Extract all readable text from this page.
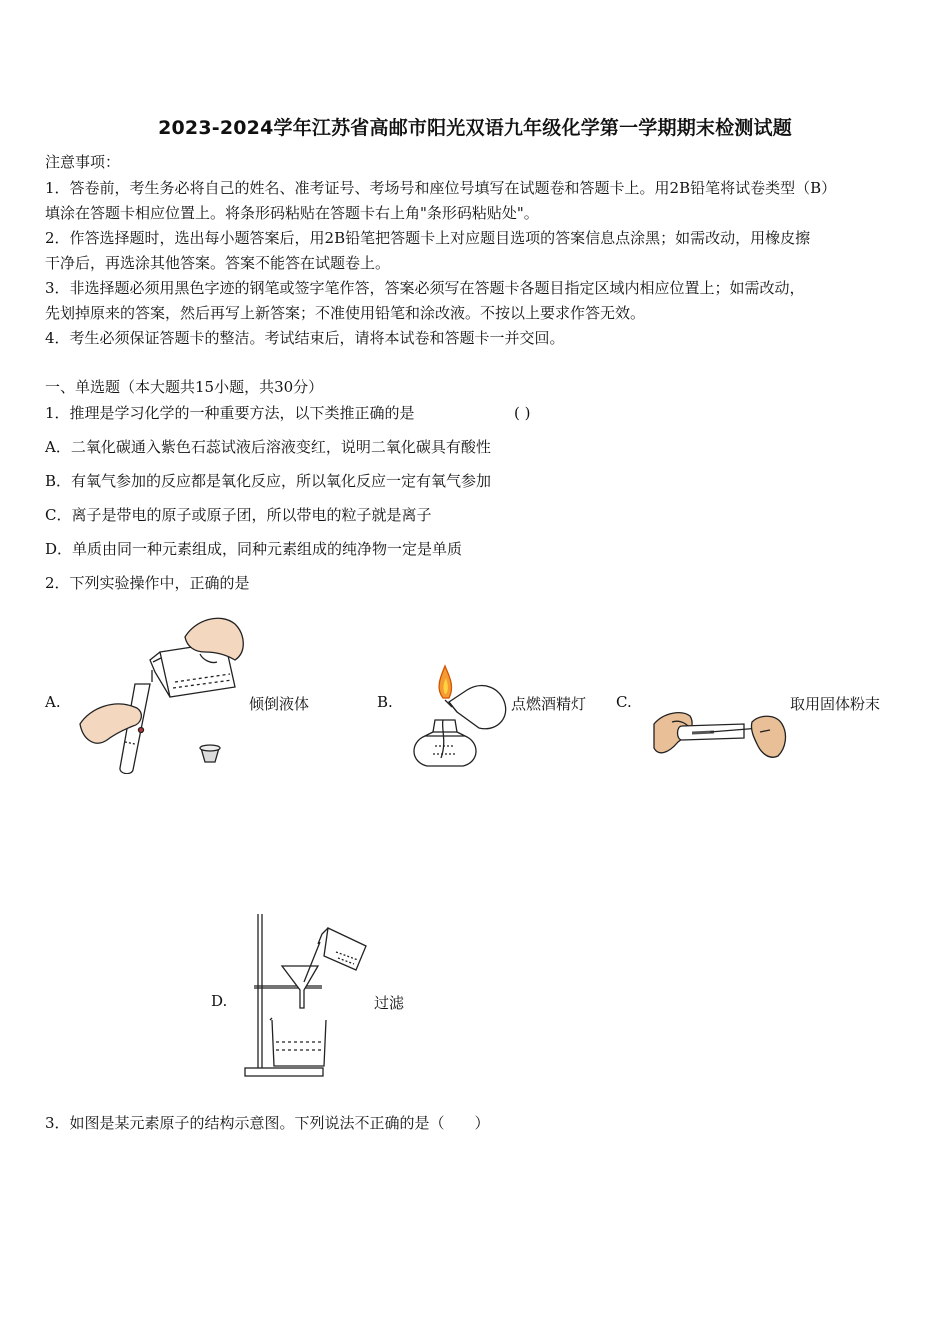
2023-2024学年江苏省高邮市阳光双语九年级化学第一学期期末检测试题
注意事项：
1．答卷前，考生务必将自己的姓名、准考证号、考场号和座位号填写在试题卷和答题卡上。用2B铅笔将试卷类型（B）
填涂在答题卡相应位置上。将条形码粘贴在答题卡右上角"条形码粘贴处"。
2．作答选择题时，选出每小题答案后，用2B铅笔把答题卡上对应题目选项的答案信息点涂黑；如需改动，用橡皮擦
干净后，再选涂其他答案。答案不能答在试题卷上。
3．非选择题必须用黑色字迹的钢笔或签字笔作答，答案必须写在答题卡各题目指定区域内相应位置上；如需改动，
先划掉原来的答案，然后再写上新答案；不准使用铅笔和涂改液。不按以上要求作答无效。
4．考生必须保证答题卡的整洁。考试结束后，请将本试卷和答题卡一并交回。
一、单选题（本大题共15小题，共30分）
1．推理是学习化学的一种重要方法，以下类推正确的是	( )
A．二氧化碳通入紫色石蕊试液后溶液变红，说明二氧化碳具有酸性
B．有氧气参加的反应都是氧化反应，所以氧化反应一定有氧气参加
C．离子是带电的原子或原子团，所以带电的粒子就是离子
D．单质由同一种元素组成，同种元素组成的纯净物一定是单质
2．下列实验操作中，正确的是
A.	倾倒液体	B.	点燃酒精灯 C.	取用固体粉末
D.	过滤
3．如图是某元素原子的结构示意图。下列说法不正确的是（　　）
